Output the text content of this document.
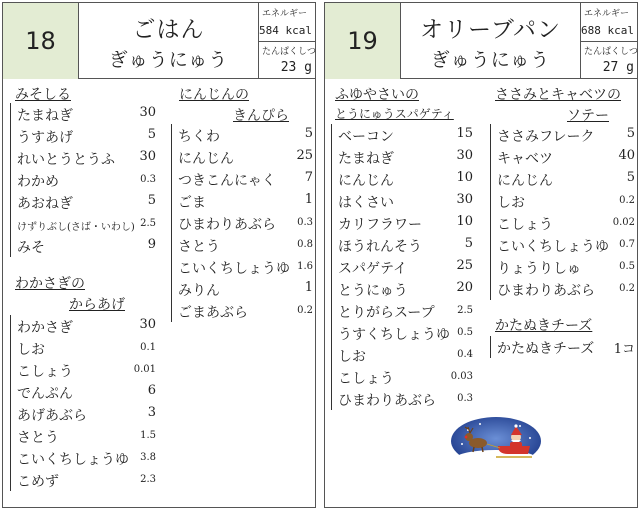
18	ごはん
ぎゅうにゅう
エネルギー
584 kcal
たんぱくしつ
23 g
みそしる
たまねぎ	30
うすあげ	5
れいとうとうふ 30
わかめ	0.3
あおねぎ	5
けずりぶし(さば・いわし) 2.5
みそ	9
わかさぎの
からあげ
わかさぎ	30
しお	0.1
こしょう	0.01
でんぷん	6
あげあぶら	3
さとう	1.5
こいくちしょうゆ 3.8
こめず	2.3
にんじんの
きんぴら
ちくわ	5
にんじん	25
つきこんにゃく 7
ごま	1
ひまわりあぶら 0.3
さとう	0.8
こいくちしょうゆ 1.6
みりん	1
ごまあぶら	0.2
19	オリーブパン
ぎゅうにゅう
エネルギー
688 kcal
たんぱくしつ
27 g
ふゆやさいの
とうにゅうスパゲティ
ベーコン	15
たまねぎ	30
にんじん	10
はくさい	30
カリフラワー	10
ほうれんそう	5
スパゲテイ	25
とうにゅう	20
とりがらスープ 2.5
うすくちしょうゆ 0.5
しお	0.4
こしょう	0.03
ひまわりあぶら 0.3
ささみとキャベツの
ソテー
ささみフレーク 5
キャベツ	40
にんじん	5
しお	0.2
こしょう	0.02
こいくちしょうゆ 0.7
りょうりしゅ	0.5
ひまわりあぶら 0.2
かたぬきチーズ
かたぬきチーズ 1コ
